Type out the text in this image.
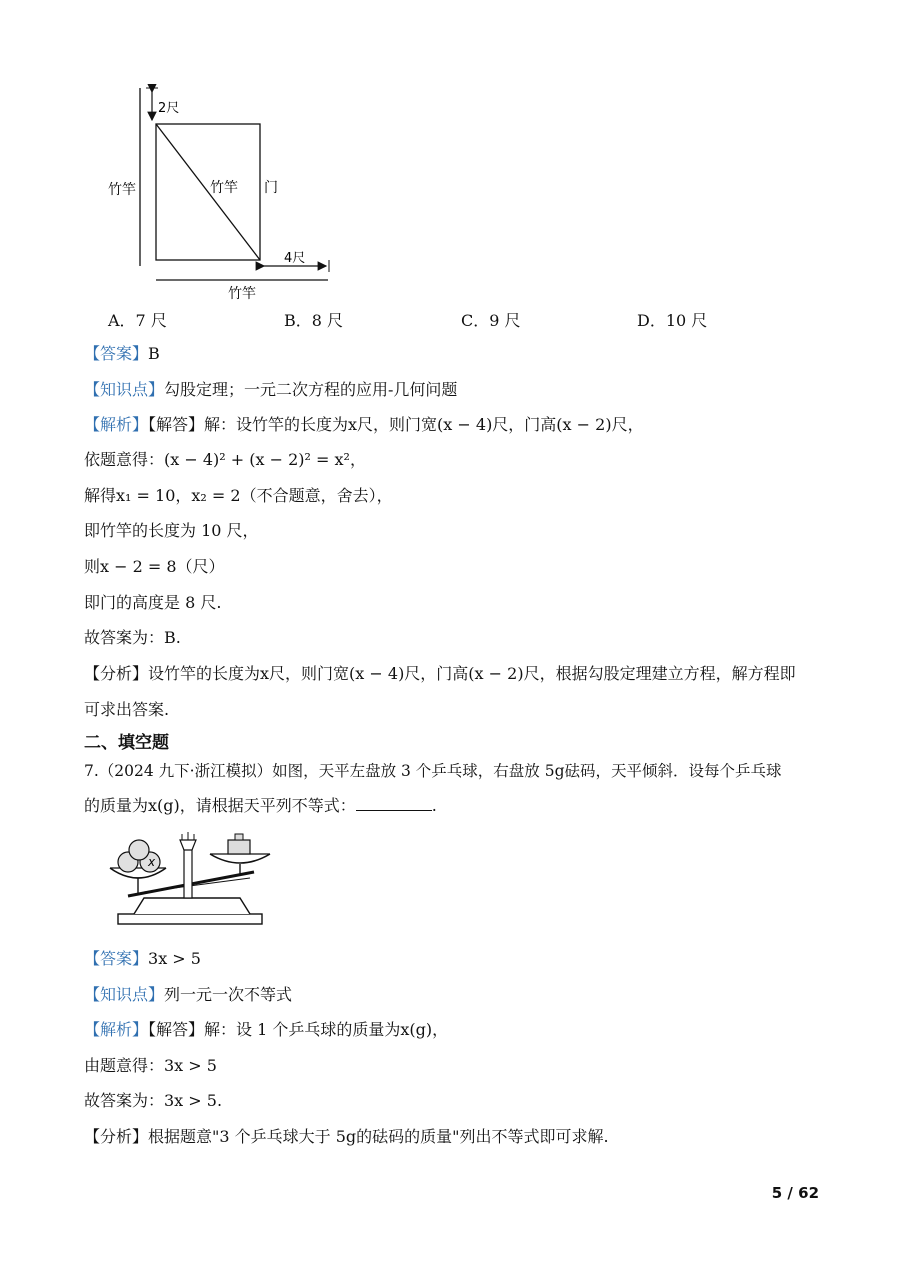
2尺
竹竿	竹竿 门
4尺
竹竿
A．7 尺	B．8 尺	C．9 尺	D．10 尺
【答案】B
【知识点】勾股定理；一元二次方程的应用-几何问题
【解析】【解答】解：设竹竿的长度为x尺，则门宽(x − 4)尺，门高(x − 2)尺，
依题意得：(x − 4)² + (x − 2)² = x²，
解得x₁ = 10，x₂ = 2（不合题意，舍去），
即竹竿的长度为 10 尺，
则x − 2 = 8（尺）
即门的高度是 8 尺.
故答案为：B.
【分析】设竹竿的长度为x尺，则门宽(x − 4)尺，门高(x − 2)尺，根据勾股定理建立方程，解方程即
可求出答案.
二、填空题
7.（2024 九下·浙江模拟）如图，天平左盘放 3 个乒乓球，右盘放 5g砝码，天平倾斜．设每个乒乓球
的质量为x(g)，请根据天平列不等式：	.
x
【答案】3x > 5
【知识点】列一元一次不等式
【解析】【解答】解：设 1 个乒乓球的质量为x(g)，
由题意得：3x > 5
故答案为：3x > 5.
【分析】根据题意"3 个乒乓球大于 5g的砝码的质量"列出不等式即可求解.
5 / 62
